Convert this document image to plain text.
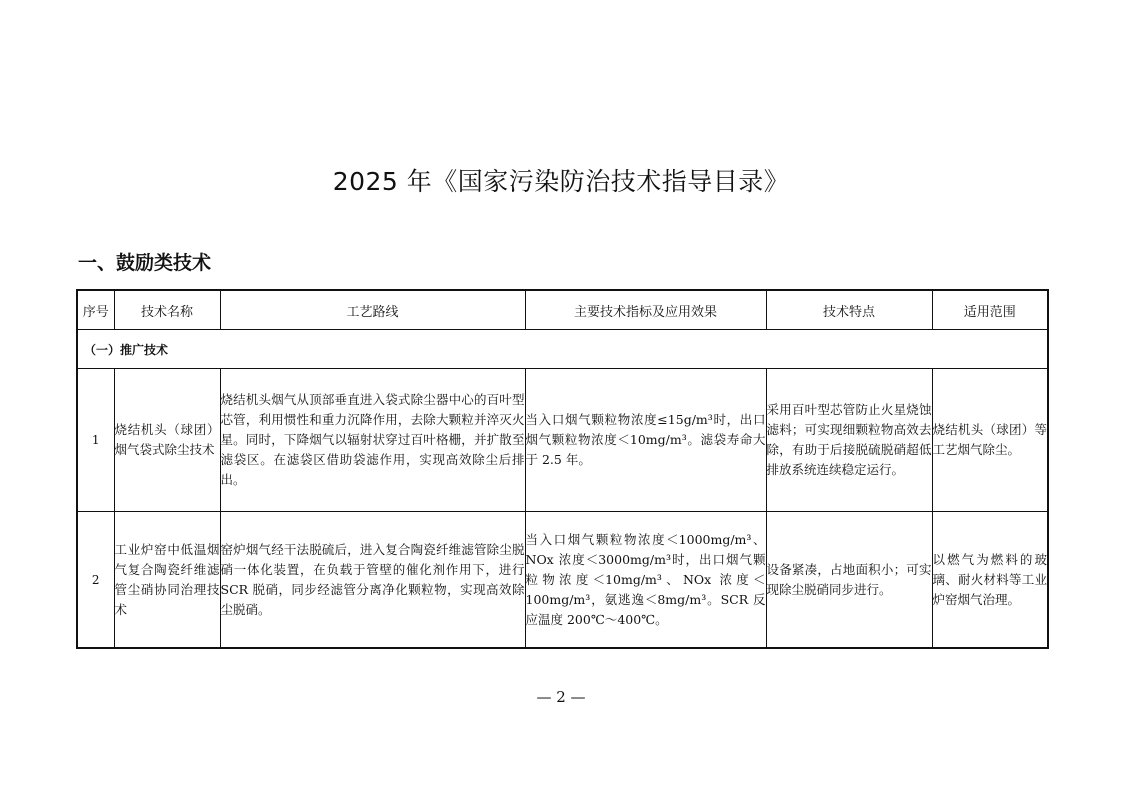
2025 年《国家污染防治技术指导目录》
一、鼓励类技术
序号	技术名称	工艺路线	主要技术指标及应用效果	技术特点	适用范围
（一）推广技术					
1	烧结机头（球团）烟气袋式除尘技术	烧结机头烟气从顶部垂直进入袋式除尘器中心的百叶型芯管，利用惯性和重力沉降作用，去除大颗粒并淬灭火星。同时，下降烟气以辐射状穿过百叶格栅，并扩散至滤袋区。在滤袋区借助袋滤作用，实现高效除尘后排出。	当入口烟气颗粒物浓度≤15g/m³时，出口烟气颗粒物浓度＜10mg/m³。滤袋寿命大于 2.5 年。	采用百叶型芯管防止火星烧蚀滤料；可实现细颗粒物高效去除，有助于后接脱硫脱硝超低排放系统连续稳定运行。	烧结机头（球团）等工艺烟气除尘。
2	工业炉窑中低温烟气复合陶瓷纤维滤管尘硝协同治理技术	窑炉烟气经干法脱硫后，进入复合陶瓷纤维滤管除尘脱硝一体化装置，在负载于管壁的催化剂作用下，进行 SCR 脱硝，同步经滤管分离净化颗粒物，实现高效除尘脱硝。	当入口烟气颗粒物浓度＜1000mg/m³、NOx 浓度＜3000mg/m³时，出口烟气颗粒物浓度＜10mg/m³、NOx 浓度＜100mg/m³，氨逃逸＜8mg/m³。SCR 反应温度 200℃～400℃。	设备紧凑，占地面积小；可实现除尘脱硝同步进行。	以燃气为燃料的玻璃、耐火材料等工业炉窑烟气治理。
— 2 —
